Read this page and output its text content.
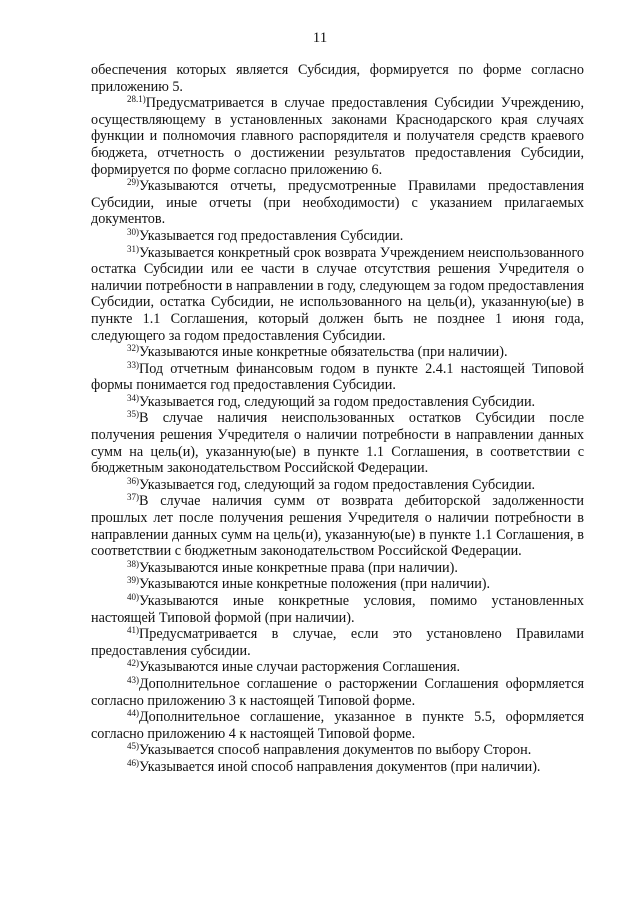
11

обеспечения которых является Субсидия, формируется по форме согласно приложению 5.

$^{28.1)}$Предусматривается в случае предоставления Субсидии Учреждению, осуществляющему в установленных законами Краснодарского края случаях функции и полномочия главного распорядителя и получателя средств краевого бюджета, отчетность о достижении результатов предоставления Субсидии, формируется по форме согласно приложению 6.

$^{29)}$Указываются отчеты, предусмотренные Правилами предоставления Субсидии, иные отчеты (при необходимости) с указанием прилагаемых документов.

$^{30)}$Указывается год предоставления Субсидии.

$^{31)}$Указывается конкретный срок возврата Учреждением неиспользованного остатка Субсидии или ее части в случае отсутствия решения Учредителя о наличии потребности в направлении в году, следующем за годом предоставления Субсидии, остатка Субсидии, не использованного на цель(и), указанную(ые) в пункте 1.1 Соглашения, который должен быть не позднее 1 июня года, следующего за годом предоставления Субсидии.

$^{32)}$Указываются иные конкретные обязательства (при наличии).

$^{33)}$Под отчетным финансовым годом в пункте 2.4.1 настоящей Типовой формы понимается год предоставления Субсидии.

$^{34)}$Указывается год, следующий за годом предоставления Субсидии.

$^{35)}$В случае наличия неиспользованных остатков Субсидии после получения решения Учредителя о наличии потребности в направлении данных сумм на цель(и), указанную(ые) в пункте 1.1 Соглашения, в соответствии с бюджетным законодательством Российской Федерации.

$^{36)}$Указывается год, следующий за годом предоставления Субсидии.

$^{37)}$В случае наличия сумм от возврата дебиторской задолженности прошлых лет после получения решения Учредителя о наличии потребности в направлении данных сумм на цель(и), указанную(ые) в пункте 1.1 Соглашения, в соответствии с бюджетным законодательством Российской Федерации.

$^{38)}$Указываются иные конкретные права (при наличии).

$^{39)}$Указываются иные конкретные положения (при наличии).

$^{40)}$Указываются иные конкретные условия, помимо установленных настоящей Типовой формой (при наличии).

$^{41)}$Предусматривается в случае, если это установлено Правилами предоставления субсидии.

$^{42)}$Указываются иные случаи расторжения Соглашения.

$^{43)}$Дополнительное соглашение о расторжении Соглашения оформляется согласно приложению 3 к настоящей Типовой форме.

$^{44)}$Дополнительное соглашение, указанное в пункте 5.5, оформляется согласно приложению 4 к настоящей Типовой форме.

$^{45)}$Указывается способ направления документов по выбору Сторон.

$^{46)}$Указывается иной способ направления документов (при наличии).
